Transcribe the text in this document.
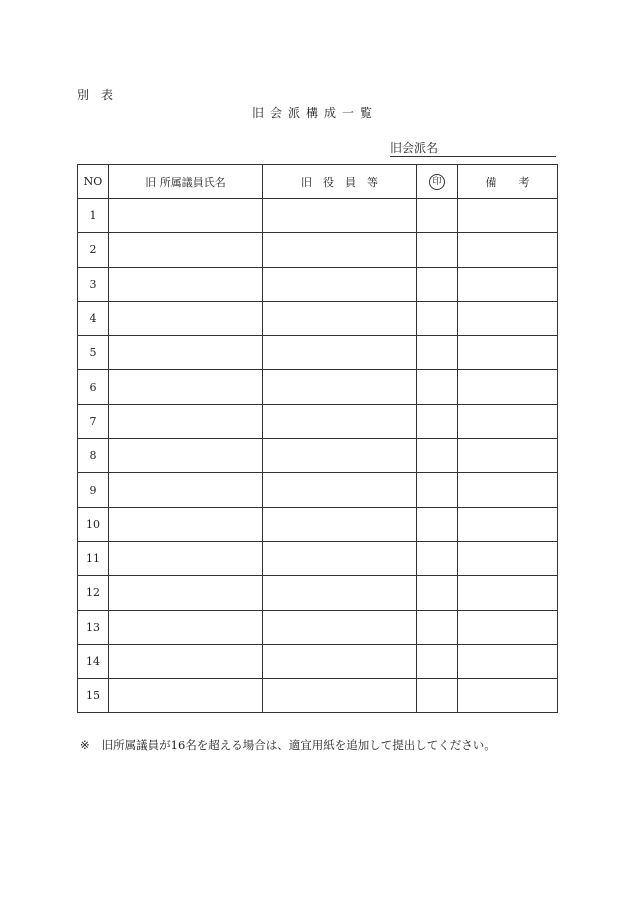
別　表
旧会派構成一覧
旧会派名
NO	旧 所属議員氏名	旧　役　員　等	印	備　　考
1				
2				
3				
4				
5				
6				
7				
8				
9				
10				
11				
12				
13				
14				
15				
※ 旧所属議員が16名を超える場合は、適宜用紙を追加して提出してください。
